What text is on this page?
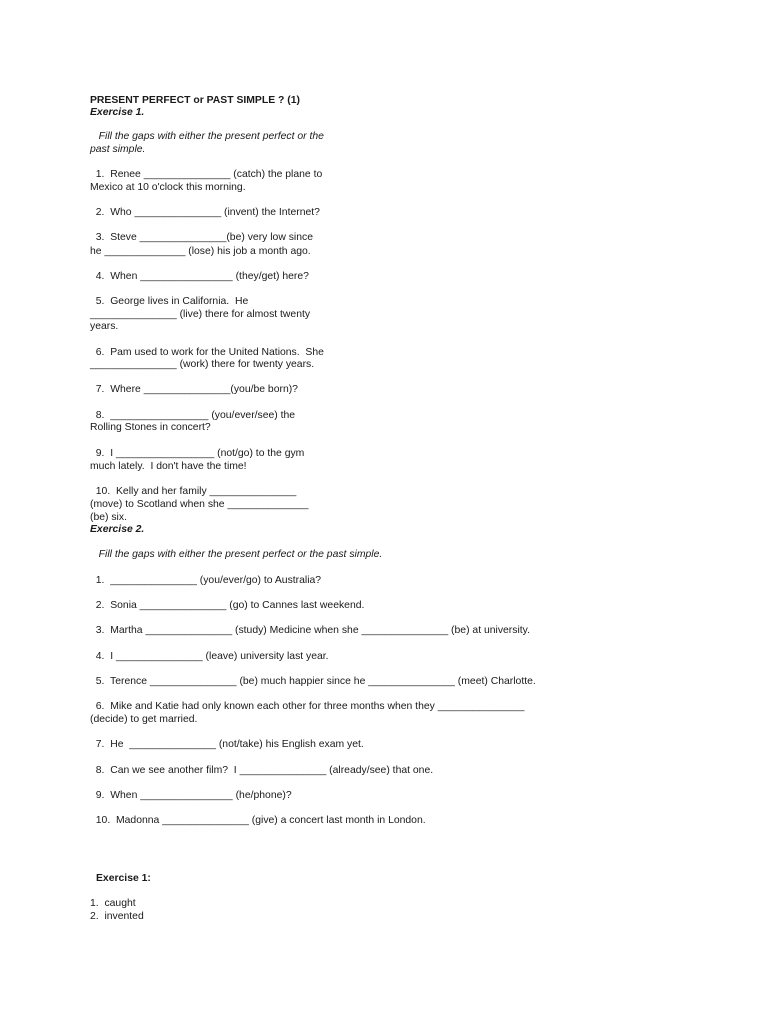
PRESENT PERFECT or PAST SIMPLE ? (1)
Exercise 1.
Fill the gaps with either the present perfect or the
past simple.
1.  Renee _______________ (catch) the plane to
Mexico at 10 o'clock this morning.
2.  Who _______________ (invent) the Internet?
3.  Steve _______________(be) very low since
he ______________ (lose) his job a month ago.
4.  When ________________ (they/get) here?
5.  George lives in California.  He
_______________ (live) there for almost twenty
years.
6.  Pam used to work for the United Nations.  She
_______________ (work) there for twenty years.
7.  Where _______________(you/be born)?
8.  _________________ (you/ever/see) the
Rolling Stones in concert?
9.  I _________________ (not/go) to the gym
much lately.  I don't have the time!
10.  Kelly and her family _______________
(move) to Scotland when she ______________
(be) six.
Exercise 2.
Fill the gaps with either the present perfect or the past simple.
1.  _______________ (you/ever/go) to Australia?
2.  Sonia _______________ (go) to Cannes last weekend.
3.  Martha _______________ (study) Medicine when she _______________ (be) at university.
4.  I _______________ (leave) university last year.
5.  Terence _______________ (be) much happier since he _______________ (meet) Charlotte.
6.  Mike and Katie had only known each other for three months when they _______________
(decide) to get married.
7.  He  _______________ (not/take) his English exam yet.
8.  Can we see another film?  I _______________ (already/see) that one.
9.  When ________________ (he/phone)?
10.  Madonna _______________ (give) a concert last month in London.
Exercise 1:
1.  caught
2.  invented
